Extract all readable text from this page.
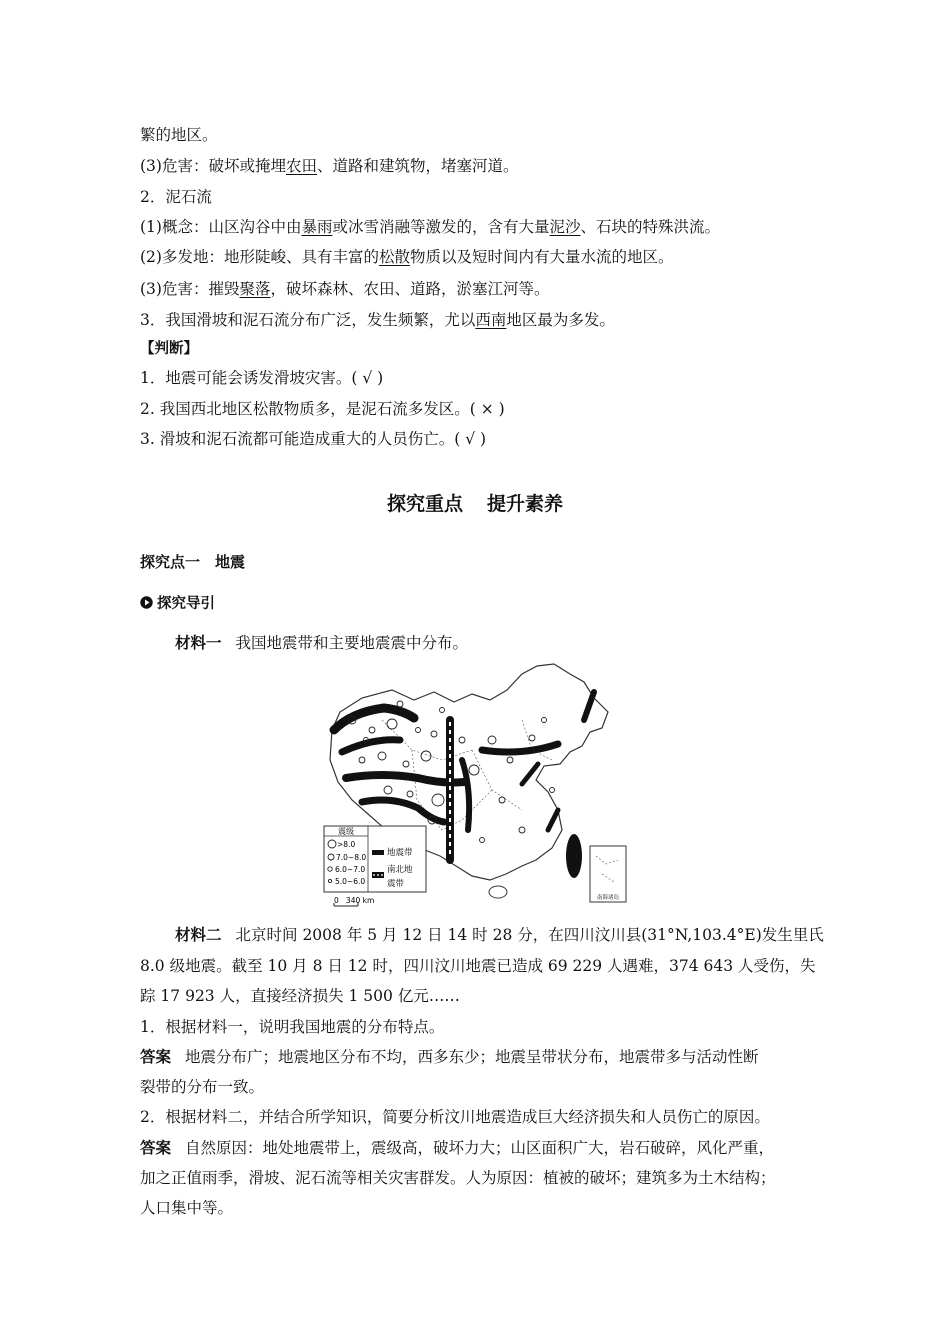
繁的地区。
(3)危害：破坏或掩埋农田、道路和建筑物，堵塞河道。
2．泥石流
(1)概念：山区沟谷中由暴雨或冰雪消融等激发的，含有大量泥沙、石块的特殊洪流。
(2)多发地：地形陡峻、具有丰富的松散物质以及短时间内有大量水流的地区。
(3)危害：摧毁聚落，破坏森林、农田、道路，淤塞江河等。
3．我国滑坡和泥石流分布广泛，发生频繁，尤以西南地区最为多发。
【判断】
1．地震可能会诱发滑坡灾害。( √ )
2. 我国西北地区松散物质多，是泥石流多发区。( × )
3. 滑坡和泥石流都可能造成重大的人员伤亡。( √ )
探究重点 提升素养
探究点一　地震
探究导引
材料一 我国地震带和主要地震震中分布。
南海诸岛
震级
>8.0
7.0~8.0
6.0~7.0
5.0~6.0
地震带
南北地
震带
0   340 km
材料二 北京时间 2008 年 5 月 12 日 14 时 28 分，在四川汶川县(31°N,103.4°E)发生里氏
8.0 级地震。截至 10 月 8 日 12 时，四川汶川地震已造成 69 229 人遇难，374 643 人受伤，失
踪 17 923 人，直接经济损失 1 500 亿元……
1．根据材料一，说明我国地震的分布特点。
答案 地震分布广；地震地区分布不均，西多东少；地震呈带状分布，地震带多与活动性断
裂带的分布一致。
2．根据材料二，并结合所学知识，简要分析汶川地震造成巨大经济损失和人员伤亡的原因。
答案 自然原因：地处地震带上，震级高，破坏力大；山区面积广大，岩石破碎，风化严重，
加之正值雨季，滑坡、泥石流等相关灾害群发。人为原因：植被的破坏；建筑多为土木结构；
人口集中等。
